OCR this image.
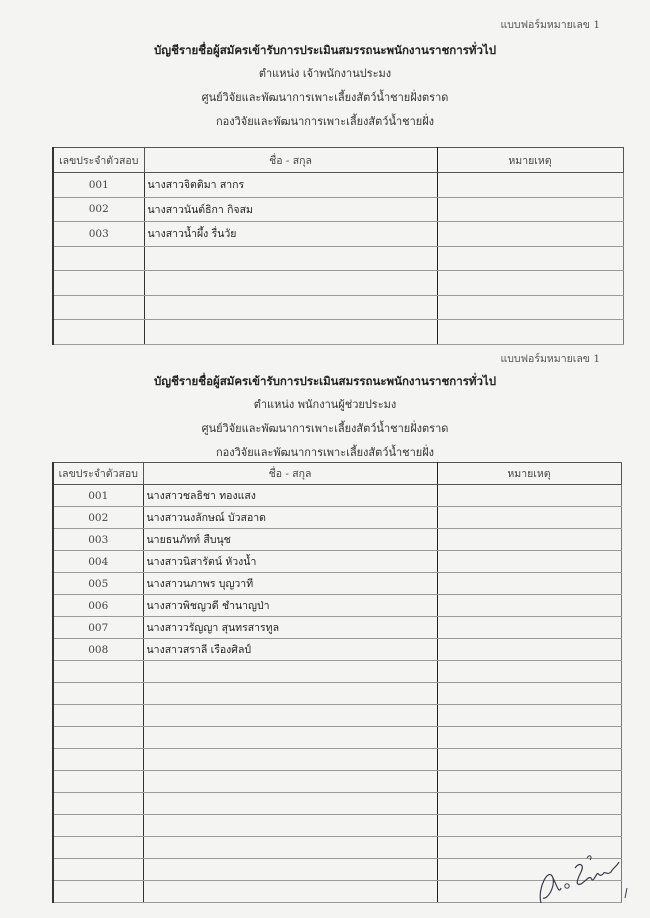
แบบฟอร์มหมายเลข 1
บัญชีรายชื่อผู้สมัครเข้ารับการประเมินสมรรถนะพนักงานราชการทั่วไป
ตำแหน่ง เจ้าพนักงานประมง
ศูนย์วิจัยและพัฒนาการเพาะเลี้ยงสัตว์น้ำชายฝั่งตราด
กองวิจัยและพัฒนาการเพาะเลี้ยงสัตว์น้ำชายฝั่ง
เลขประจำตัวสอบ	ชื่อ - สกุล	หมายเหตุ
001	นางสาวจิตติมา สากร	
002	นางสาวนันต์ธิกา กิจสม	
003	นางสาวน้ำผึ้ง รื่นวัย	

แบบฟอร์มหมายเลข 1
บัญชีรายชื่อผู้สมัครเข้ารับการประเมินสมรรถนะพนักงานราชการทั่วไป
ตำแหน่ง พนักงานผู้ช่วยประมง
ศูนย์วิจัยและพัฒนาการเพาะเลี้ยงสัตว์น้ำชายฝั่งตราด
กองวิจัยและพัฒนาการเพาะเลี้ยงสัตว์น้ำชายฝั่ง
เลขประจำตัวสอบ	ชื่อ - สกุล	หมายเหตุ
001	นางสาวชลธิชา ทองแสง	
002	นางสาวนงลักษณ์ บัวสอาด	
003	นายธนภัทท์ สืบนุช	
004	นางสาวนิสารัตน์ หัวงน้ำ	
005	นางสาวนภาพร บุญวาที	
006	นางสาวพิชญวดี ชำนาญป่า	
007	นางสาววรัญญา สุนทรสารทูล	
008	นางสาวสราลี เรืองศิลป์	
